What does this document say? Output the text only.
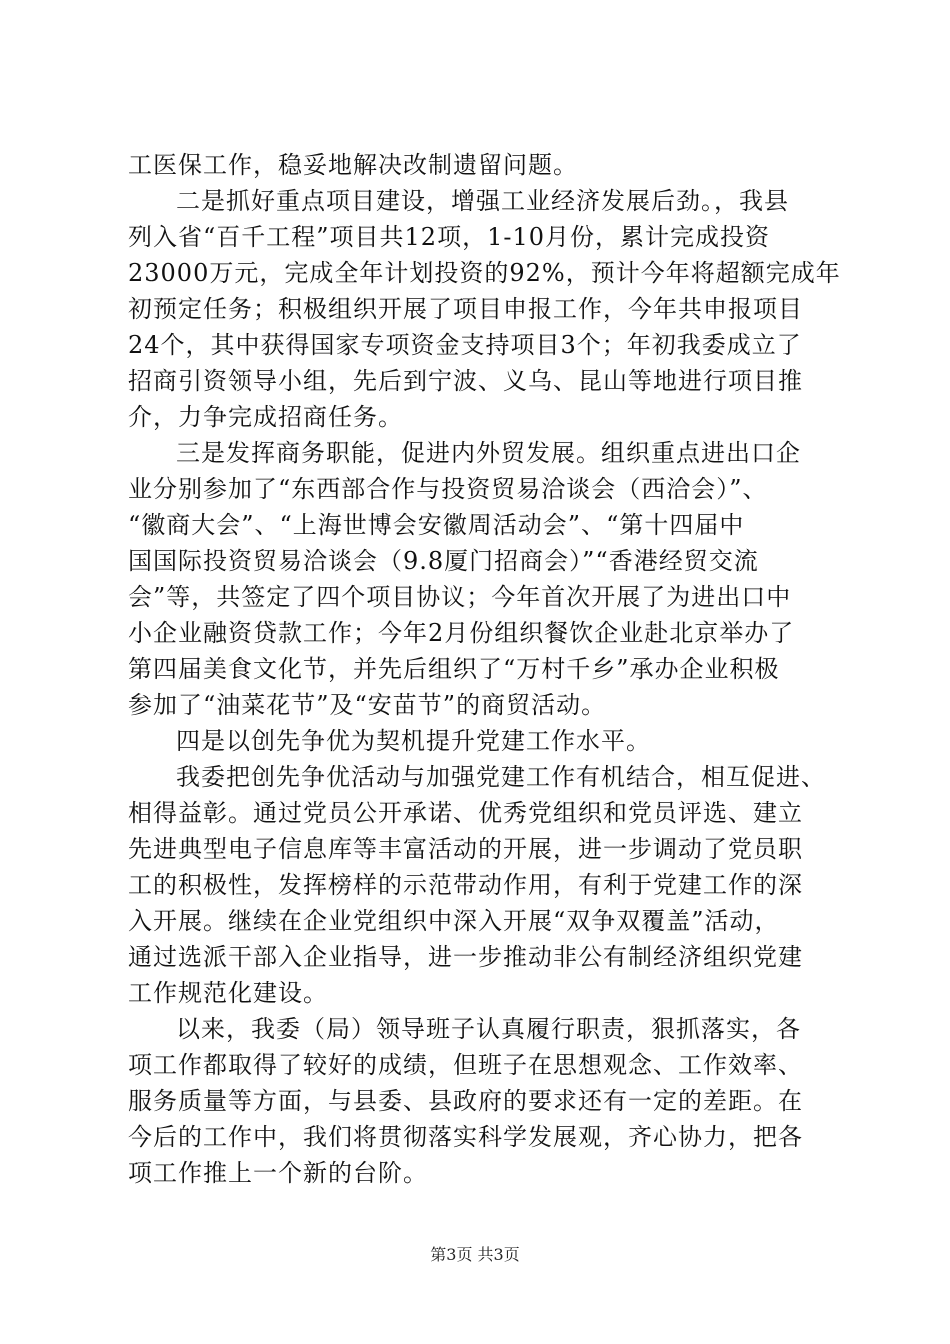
工医保工作，稳妥地解决改制遗留问题。
二是抓好重点项目建设，增强工业经济发展后劲。，我县
列入省“百千工程”项目共12项，1-10月份，累计完成投资
23000万元，完成全年计划投资的92%，预计今年将超额完成年
初预定任务；积极组织开展了项目申报工作，今年共申报项目
24个，其中获得国家专项资金支持项目3个；年初我委成立了
招商引资领导小组，先后到宁波、义乌、昆山等地进行项目推
介，力争完成招商任务。
三是发挥商务职能，促进内外贸发展。组织重点进出口企
业分别参加了“东西部合作与投资贸易洽谈会（西洽会）”、
“徽商大会”、“上海世博会安徽周活动会”、“第十四届中
国国际投资贸易洽谈会（9.8厦门招商会）”“香港经贸交流
会”等，共签定了四个项目协议；今年首次开展了为进出口中
小企业融资贷款工作；今年2月份组织餐饮企业赴北京举办了
第四届美食文化节，并先后组织了“万村千乡”承办企业积极
参加了“油菜花节”及“安苗节”的商贸活动。
四是以创先争优为契机提升党建工作水平。
我委把创先争优活动与加强党建工作有机结合，相互促进、
相得益彰。通过党员公开承诺、优秀党组织和党员评选、建立
先进典型电子信息库等丰富活动的开展，进一步调动了党员职
工的积极性，发挥榜样的示范带动作用，有利于党建工作的深
入开展。继续在企业党组织中深入开展“双争双覆盖”活动，
通过选派干部入企业指导，进一步推动非公有制经济组织党建
工作规范化建设。
以来，我委（局）领导班子认真履行职责，狠抓落实，各
项工作都取得了较好的成绩，但班子在思想观念、工作效率、
服务质量等方面，与县委、县政府的要求还有一定的差距。在
今后的工作中，我们将贯彻落实科学发展观，齐心协力，把各
项工作推上一个新的台阶。
第3页 共3页
